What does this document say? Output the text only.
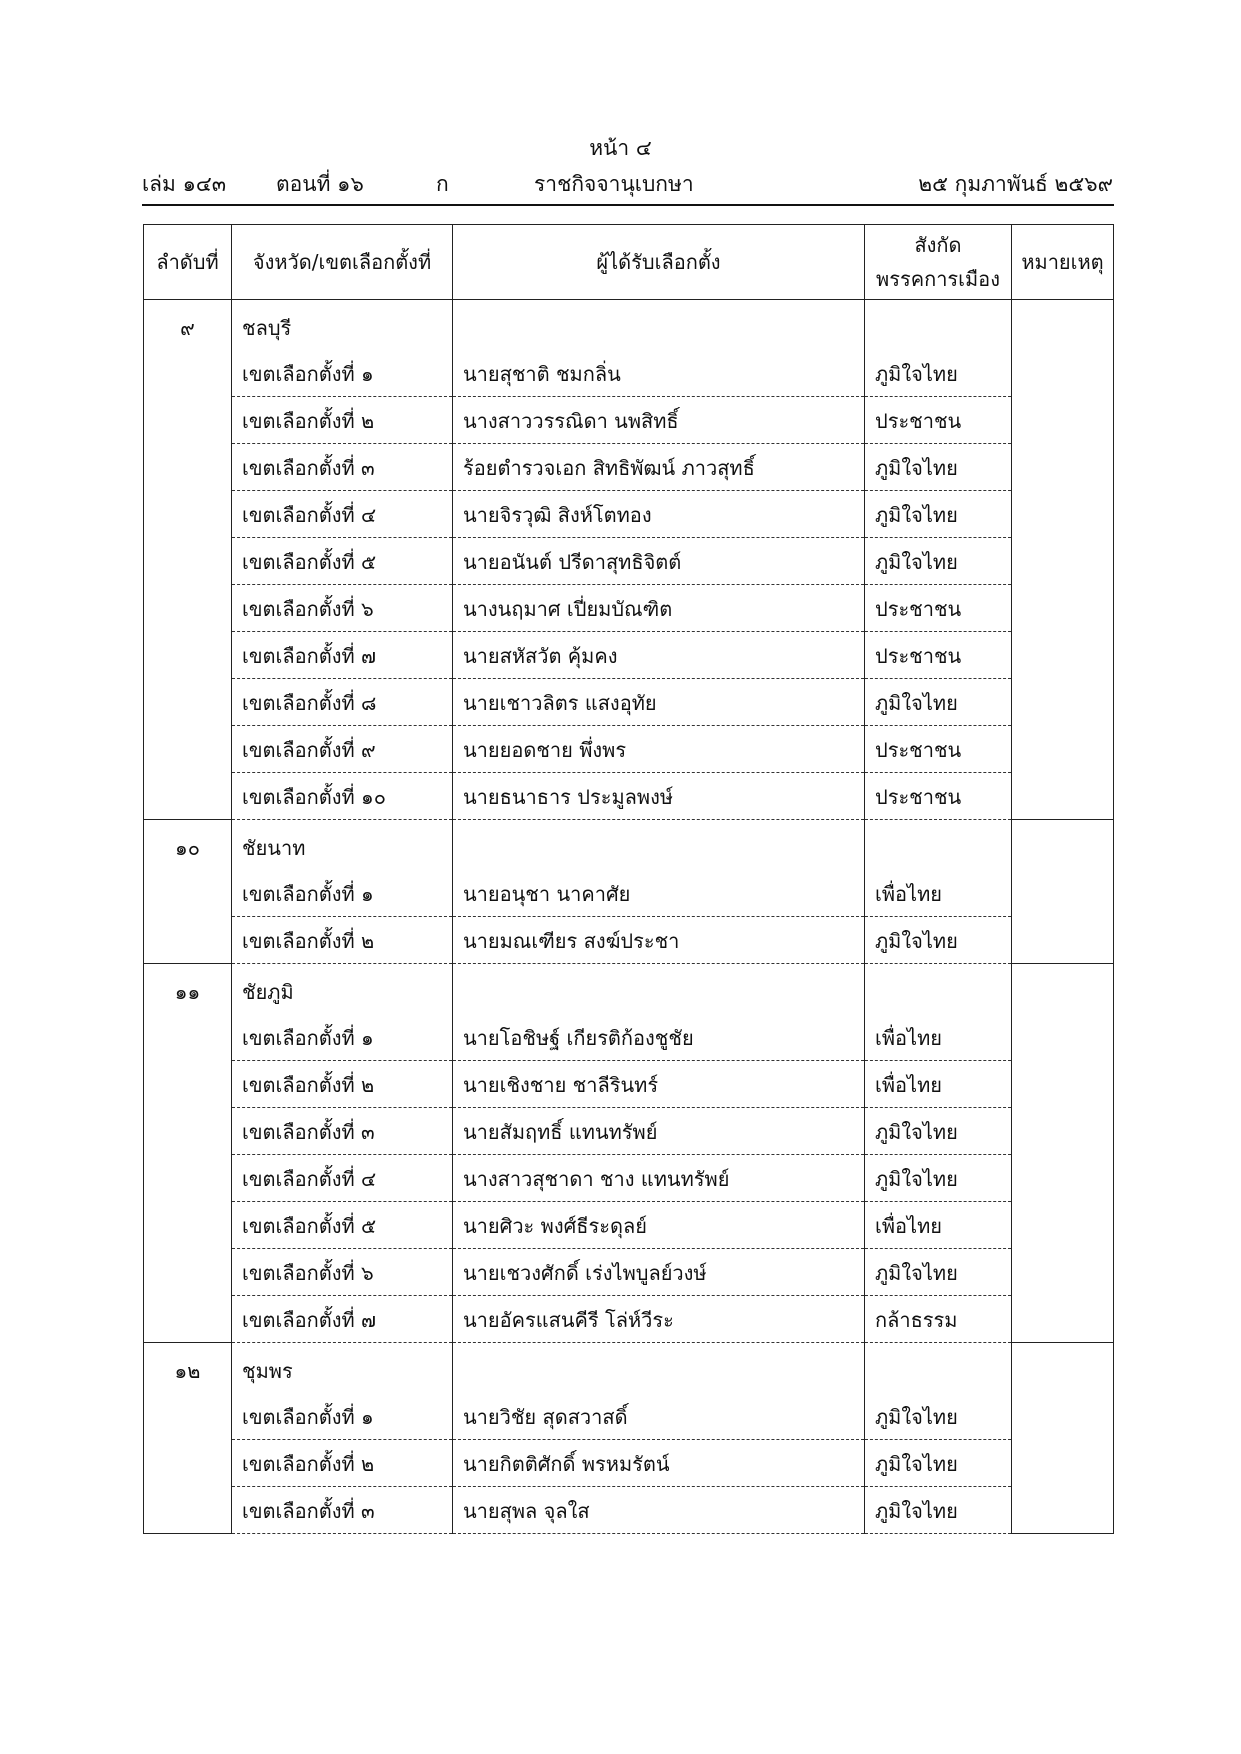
หน้า ๔
เล่ม ๑๔๓ ตอนที่ ๑๖	ก	ราชกิจจานุเบกษา	๒๕ กุมภาพันธ์ ๒๕๖๙
ลำดับที่	จังหวัด/เขตเลือกตั้งที่	ผู้ได้รับเลือกตั้ง	สังกัด
พรรคการเมือง	หมายเหตุ
๙	ชลบุรี			
	เขตเลือกตั้งที่ ๑	นายสุชาติ ชมกลิ่น	ภูมิใจไทย	
	เขตเลือกตั้งที่ ๒	นางสาววรรณิดา นพสิทธิ์	ประชาชน	
	เขตเลือกตั้งที่ ๓	ร้อยตำรวจเอก สิทธิพัฒน์ ภาวสุทธิ์	ภูมิใจไทย	
	เขตเลือกตั้งที่ ๔	นายจิรวุฒิ สิงห์โตทอง	ภูมิใจไทย	
	เขตเลือกตั้งที่ ๕	นายอนันต์ ปรีดาสุทธิจิตต์	ภูมิใจไทย	
	เขตเลือกตั้งที่ ๖	นางนฤมาศ เปี่ยมบัณฑิต	ประชาชน	
	เขตเลือกตั้งที่ ๗	นายสหัสวัต คุ้มคง	ประชาชน	
	เขตเลือกตั้งที่ ๘	นายเชาวลิตร แสงอุทัย	ภูมิใจไทย	
	เขตเลือกตั้งที่ ๙	นายยอดชาย พึ่งพร	ประชาชน	
	เขตเลือกตั้งที่ ๑๐	นายธนาธาร ประมูลพงษ์	ประชาชน	
๑๐	ชัยนาท			
	เขตเลือกตั้งที่ ๑	นายอนุชา นาคาศัย	เพื่อไทย	
	เขตเลือกตั้งที่ ๒	นายมณเฑียร สงฆ์ประชา	ภูมิใจไทย	
๑๑	ชัยภูมิ			
	เขตเลือกตั้งที่ ๑	นายโอชิษฐ์ เกียรติก้องชูชัย	เพื่อไทย	
	เขตเลือกตั้งที่ ๒	นายเชิงชาย ชาลีรินทร์	เพื่อไทย	
	เขตเลือกตั้งที่ ๓	นายสัมฤทธิ์ แทนทรัพย์	ภูมิใจไทย	
	เขตเลือกตั้งที่ ๔	นางสาวสุชาดา ชาง แทนทรัพย์	ภูมิใจไทย	
	เขตเลือกตั้งที่ ๕	นายศิวะ พงศ์ธีระดุลย์	เพื่อไทย	
	เขตเลือกตั้งที่ ๖	นายเชวงศักดิ์ เร่งไพบูลย์วงษ์	ภูมิใจไทย	
	เขตเลือกตั้งที่ ๗	นายอัครแสนคีรี โล่ห์วีระ	กล้าธรรม	
๑๒	ชุมพร			
	เขตเลือกตั้งที่ ๑	นายวิชัย สุดสวาสดิ์	ภูมิใจไทย	
	เขตเลือกตั้งที่ ๒	นายกิตติศักดิ์ พรหมรัตน์	ภูมิใจไทย	
	เขตเลือกตั้งที่ ๓	นายสุพล จุลใส	ภูมิใจไทย	
